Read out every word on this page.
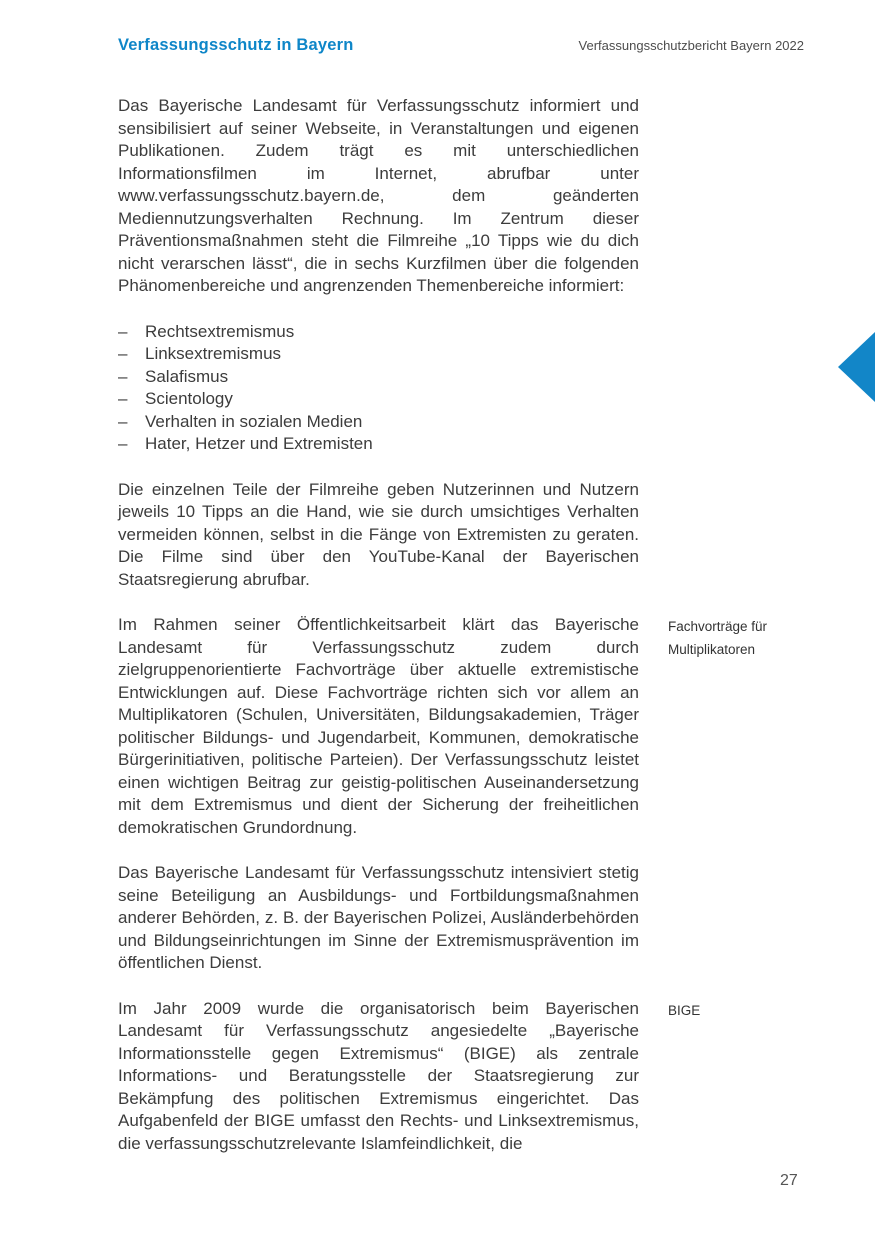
Verfassungsschutz in Bayern	Verfassungsschutzbericht Bayern 2022

Das Bayerische Landesamt für Verfassungsschutz informiert und sensibilisiert auf seiner Webseite, in Veranstaltungen und eigenen Publikationen. Zudem trägt es mit unterschiedlichen Informationsfilmen im Internet, abrufbar unter www.verfassungsschutz.bayern.de, dem geänderten Mediennutzungsverhalten Rechnung. Im Zentrum dieser Präventionsmaßnahmen steht die Filmreihe „10 Tipps wie du dich nicht verarschen lässt“, die in sechs Kurzfilmen über die folgenden Phänomenbereiche und angrenzenden Themenbereiche informiert:

–	Rechtsextremismus
–	Linksextremismus
–	Salafismus
–	Scientology
–	Verhalten in sozialen Medien
–	Hater, Hetzer und Extremisten

Die einzelnen Teile der Filmreihe geben Nutzerinnen und Nutzern jeweils 10 Tipps an die Hand, wie sie durch umsichtiges Verhalten vermeiden können, selbst in die Fänge von Extremisten zu geraten. Die Filme sind über den YouTube-Kanal der Bayerischen Staatsregierung abrufbar.

Im Rahmen seiner Öffentlichkeitsarbeit klärt das Bayerische Landesamt für Verfassungsschutz zudem durch zielgruppenorientierte Fachvorträge über aktuelle extremistische Entwicklungen auf. Diese Fachvorträge richten sich vor allem an Multiplikatoren (Schulen, Universitäten, Bildungsakademien, Träger politischer Bildungs- und Jugendarbeit, Kommunen, demokratische Bürgerinitiativen, politische Parteien). Der Verfassungsschutz leistet einen wichtigen Beitrag zur geistig-politischen Auseinandersetzung mit dem Extremismus und dient der Sicherung der freiheitlichen demokratischen Grundordnung.

Fachvorträge für Multiplikatoren

Das Bayerische Landesamt für Verfassungsschutz intensiviert stetig seine Beteiligung an Ausbildungs- und Fortbildungsmaßnahmen anderer Behörden, z. B. der Bayerischen Polizei, Ausländerbehörden und Bildungseinrichtungen im Sinne der Extremismusprävention im öffentlichen Dienst.

Im Jahr 2009 wurde die organisatorisch beim Bayerischen Landesamt für Verfassungsschutz angesiedelte „Bayerische Informationsstelle gegen Extremismus“ (BIGE) als zentrale Informations- und Beratungsstelle der Staatsregierung zur Bekämpfung des politischen Extremismus eingerichtet. Das Aufgabenfeld der BIGE umfasst den Rechts- und Linksextremismus, die verfassungsschutzrelevante Islamfeindlichkeit, die

BIGE
27
